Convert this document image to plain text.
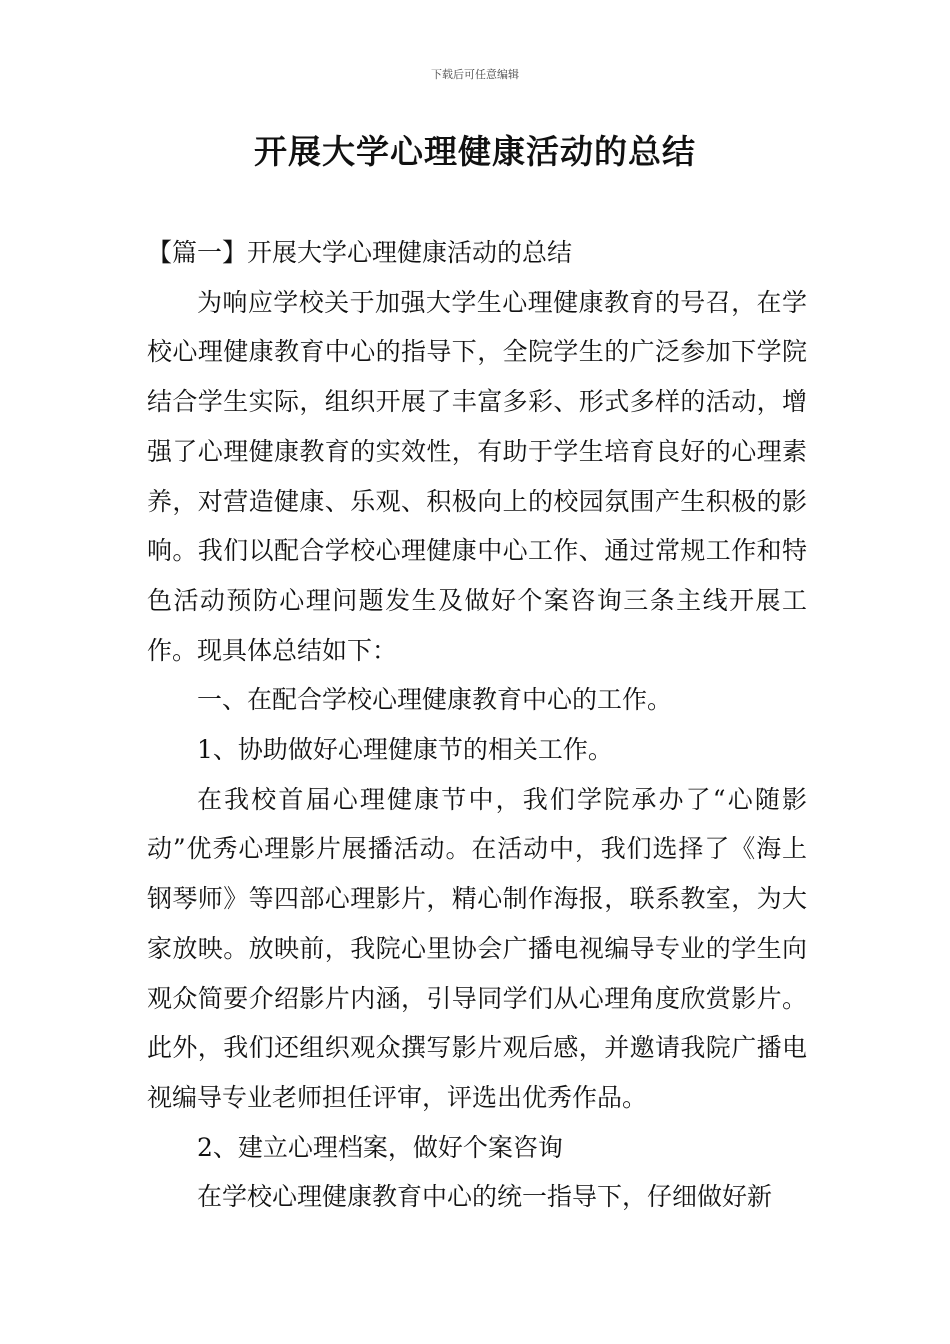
下载后可任意编辑
开展大学心理健康活动的总结

【篇一】开展大学心理健康活动的总结

为响应学校关于加强大学生心理健康教育的号召，在学校心理健康教育中心的指导下，全院学生的广泛参加下学院结合学生实际，组织开展了丰富多彩、形式多样的活动，增强了心理健康教育的实效性，有助于学生培育良好的心理素养，对营造健康、乐观、积极向上的校园氛围产生积极的影响。我们以配合学校心理健康中心工作、通过常规工作和特色活动预防心理问题发生及做好个案咨询三条主线开展工作。现具体总结如下：

一、在配合学校心理健康教育中心的工作。

1、协助做好心理健康节的相关工作。

在我校首届心理健康节中，我们学院承办了“心随影动”优秀心理影片展播活动。在活动中，我们选择了《海上钢琴师》等四部心理影片，精心制作海报，联系教室，为大家放映。放映前，我院心里协会广播电视编导专业的学生向观众简要介绍影片内涵，引导同学们从心理角度欣赏影片。此外，我们还组织观众撰写影片观后感，并邀请我院广播电视编导专业老师担任评审，评选出优秀作品。

2、建立心理档案，做好个案咨询

在学校心理健康教育中心的统一指导下，仔细做好新
